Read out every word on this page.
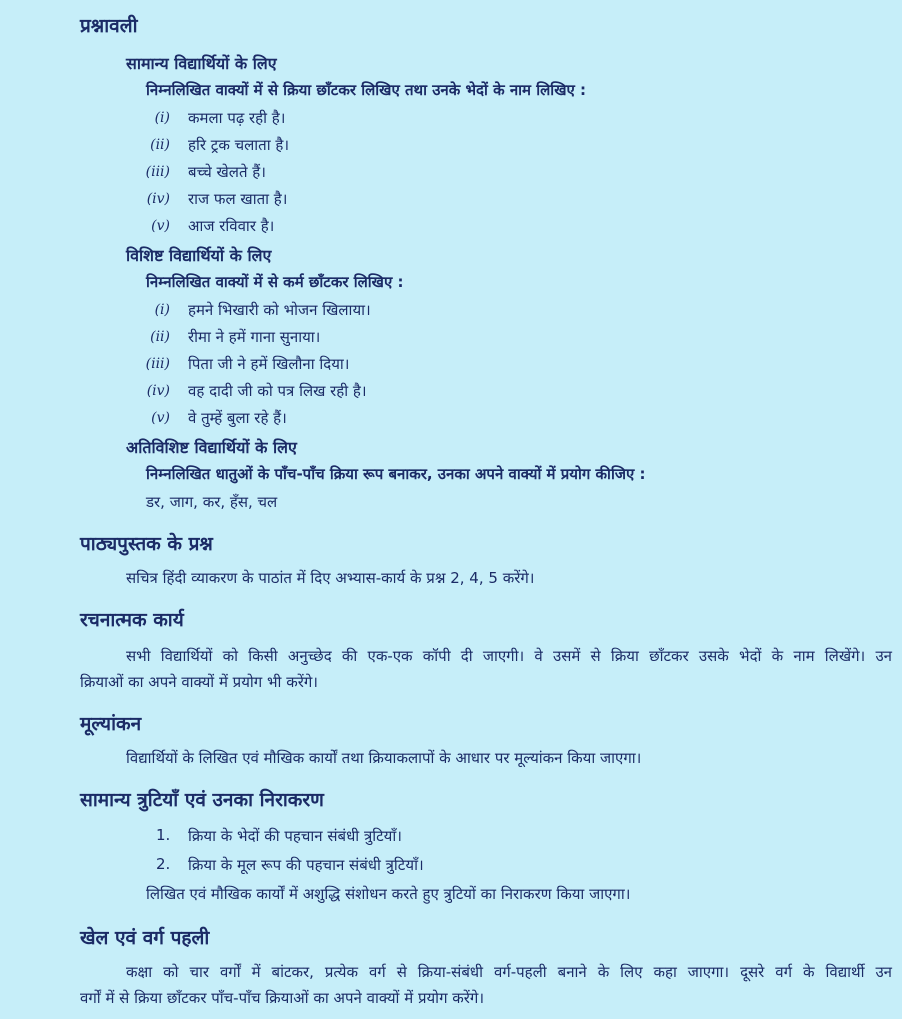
प्रश्नावली
सामान्य विद्यार्थियों के लिए
निम्नलिखित वाक्यों में से क्रिया छाँटकर लिखिए तथा उनके भेदों के नाम लिखिए :
(i) कमला पढ़ रही है।
(ii) हरि ट्रक चलाता है।
(iii) बच्चे खेलते हैं।
(iv) राज फल खाता है।
(v) आज रविवार है।
विशिष्ट विद्यार्थियों के लिए
निम्नलिखित वाक्यों में से कर्म छाँटकर लिखिए :
(i) हमने भिखारी को भोजन खिलाया।
(ii) रीमा ने हमें गाना सुनाया।
(iii) पिता जी ने हमें खिलौना दिया।
(iv) वह दादी जी को पत्र लिख रही है।
(v) वे तुम्हें बुला रहे हैं।
अतिविशिष्ट विद्यार्थियों के लिए
निम्नलिखित धातुओं के पाँच-पाँच क्रिया रूप बनाकर, उनका अपने वाक्यों में प्रयोग कीजिए :
डर, जाग, कर, हँस, चल
पाठ्यपुस्तक के प्रश्न
सचित्र हिंदी व्याकरण के पाठांत में दिए अभ्यास-कार्य के प्रश्न 2, 4, 5 करेंगे।
रचनात्मक कार्य
सभी विद्यार्थियों को किसी अनुच्छेद की एक-एक कॉपी दी जाएगी। वे उसमें से क्रिया छाँटकर उसके भेदों के नाम लिखेंगे। उन
क्रियाओं का अपने वाक्यों में प्रयोग भी करेंगे।
मूल्यांकन
विद्यार्थियों के लिखित एवं मौखिक कार्यों तथा क्रियाकलापों के आधार पर मूल्यांकन किया जाएगा।
सामान्य त्रुटियाँ एवं उनका निराकरण
1. क्रिया के भेदों की पहचान संबंधी त्रुटियाँ।
2. क्रिया के मूल रूप की पहचान संबंधी त्रुटियाँ।
लिखित एवं मौखिक कार्यों में अशुद्धि संशोधन करते हुए त्रुटियों का निराकरण किया जाएगा।
खेल एवं वर्ग पहली
कक्षा को चार वर्गों में बांटकर, प्रत्येक वर्ग से क्रिया-संबंधी वर्ग-पहली बनाने के लिए कहा जाएगा। दूसरे वर्ग के विद्यार्थी उन
वर्गों में से क्रिया छाँटकर पाँच-पाँच क्रियाओं का अपने वाक्यों में प्रयोग करेंगे।
